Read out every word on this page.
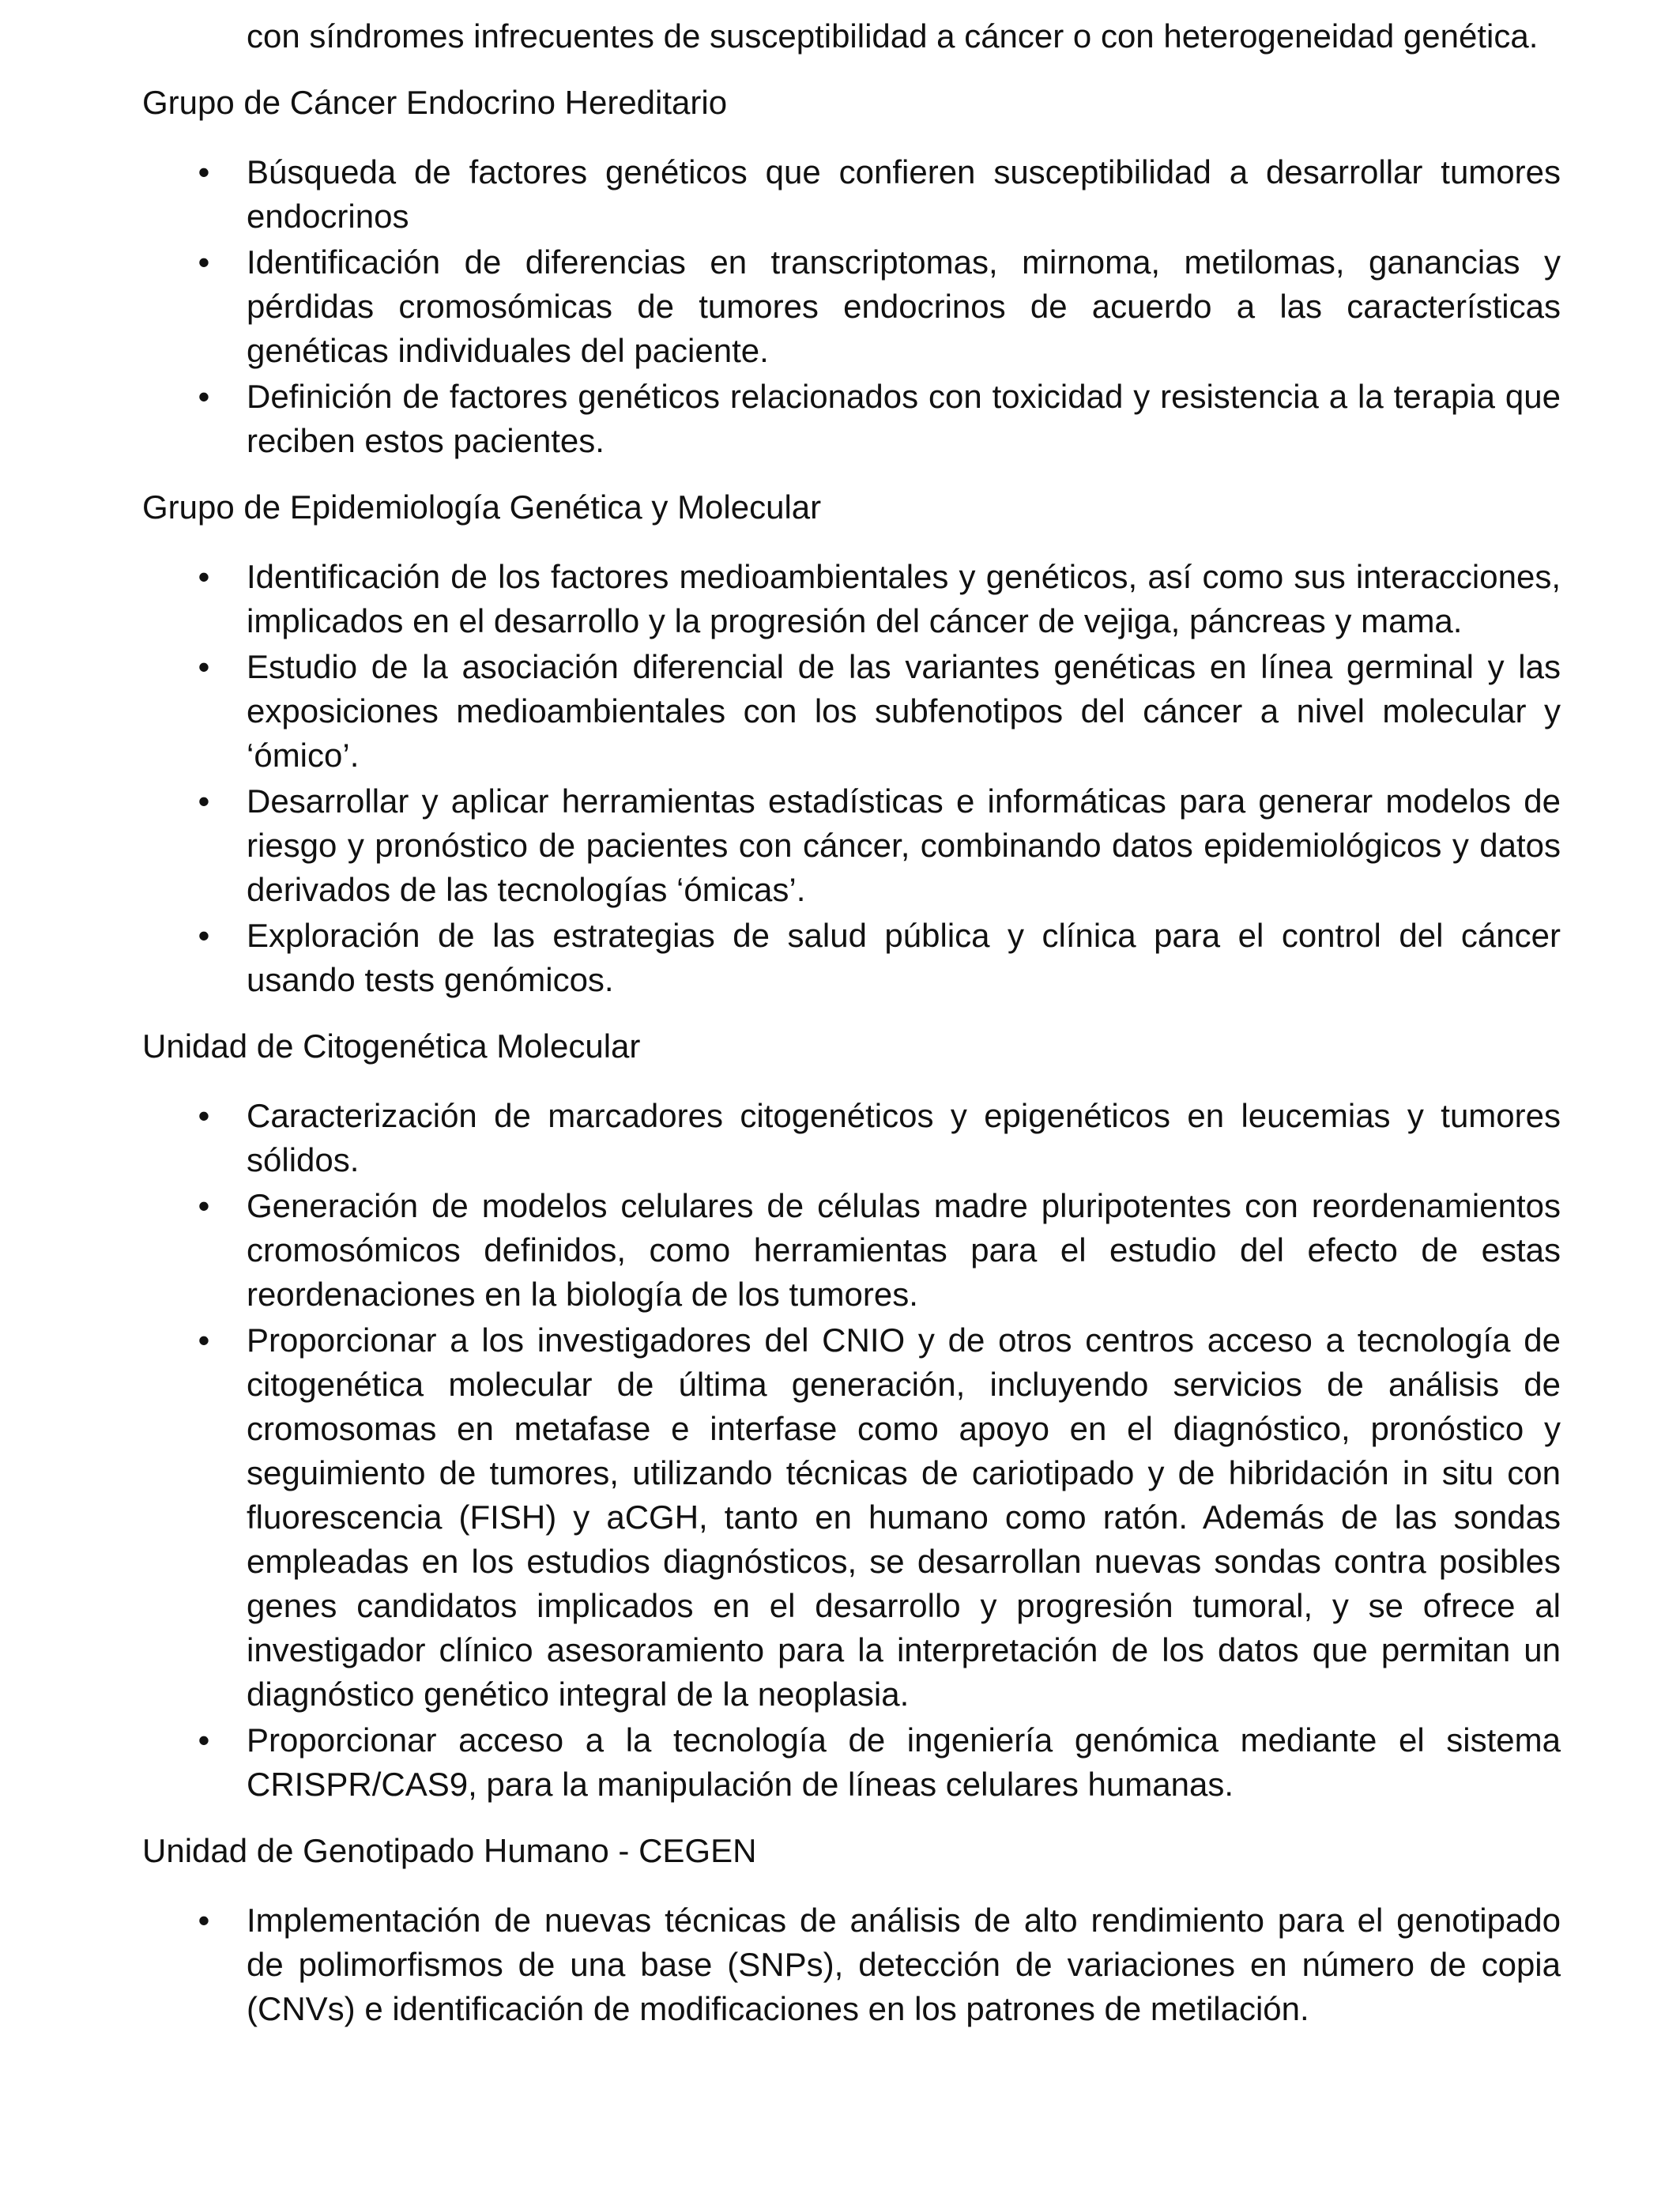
con síndromes infrecuentes de susceptibilidad a cáncer o con heterogeneidad genética.

Grupo de Cáncer Endocrino Hereditario
• Búsqueda de factores genéticos que confieren susceptibilidad a desarrollar tumores endocrinos
• Identificación de diferencias en transcriptomas, mirnoma, metilomas, ganancias y pérdidas cromosómicas de tumores endocrinos de acuerdo a las características genéticas individuales del paciente.
• Definición de factores genéticos relacionados con toxicidad y resistencia a la terapia que reciben estos pacientes.
Grupo de Epidemiología Genética y Molecular
• Identificación de los factores medioambientales y genéticos, así como sus interacciones, implicados en el desarrollo y la progresión del cáncer de vejiga, páncreas y mama.
• Estudio de la asociación diferencial de las variantes genéticas en línea germinal y las exposiciones medioambientales con los subfenotipos del cáncer a nivel molecular y ‘ómico’.
• Desarrollar y aplicar herramientas estadísticas e informáticas para generar modelos de riesgo y pronóstico de pacientes con cáncer, combinando datos epidemiológicos y datos derivados de las tecnologías ‘ómicas’.
• Exploración de las estrategias de salud pública y clínica para el control del cáncer usando tests genómicos.
Unidad de Citogenética Molecular
• Caracterización de marcadores citogenéticos y epigenéticos en leucemias y tumores sólidos.
• Generación de modelos celulares de células madre pluripotentes con reordenamientos cromosómicos definidos, como herramientas para el estudio del efecto de estas reordenaciones en la biología de los tumores.
• Proporcionar a los investigadores del CNIO y de otros centros acceso a tecnología de citogenética molecular de última generación, incluyendo servicios de análisis de cromosomas en metafase e interfase como apoyo en el diagnóstico, pronóstico y seguimiento de tumores, utilizando técnicas de cariotipado y de hibridación in situ con fluorescencia (FISH) y aCGH, tanto en humano como ratón. Además de las sondas empleadas en los estudios diagnósticos, se desarrollan nuevas sondas contra posibles genes candidatos implicados en el desarrollo y progresión tumoral, y se ofrece al investigador clínico asesoramiento para la interpretación de los datos que permitan un diagnóstico genético integral de la neoplasia.
• Proporcionar acceso a la tecnología de ingeniería genómica mediante el sistema CRISPR/CAS9, para la manipulación de líneas celulares humanas.
Unidad de Genotipado Humano - CEGEN
• Implementación de nuevas técnicas de análisis de alto rendimiento para el genotipado de polimorfismos de una base (SNPs), detección de variaciones en número de copia (CNVs) e identificación de modificaciones en los patrones de metilación.
